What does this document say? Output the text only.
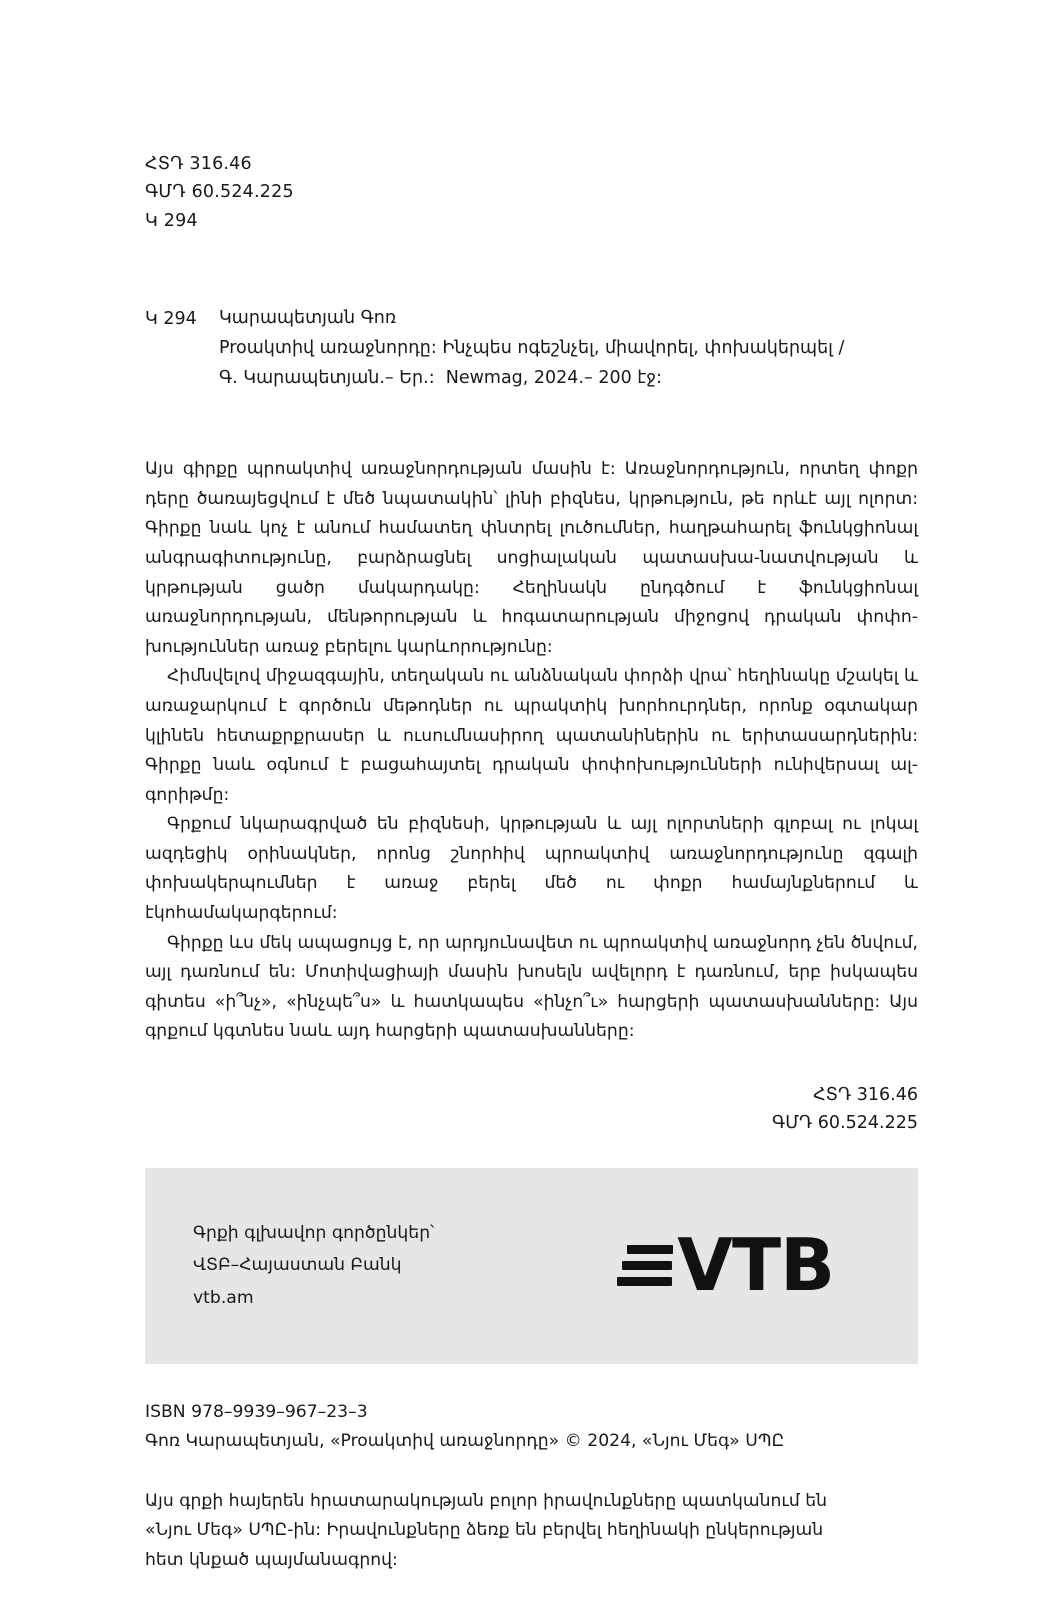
ՀՏԴ 316.46
ԳՄԴ 60.524.225
Կ 294
Կ 294	Կարապետյան Գոռ
Proակտիվ առաջնորդը: Ինչպես ոգեշնչել, միավորել, փոխակերպել /
Գ. Կարապետյան.– Եր.:  Newmag, 2024.– 200 էջ:

Այս գիրքը պրոակտիվ առաջնորդության մասին է: Առաջնորդություն, որտեղ փոքր դերը ծառայեցվում է մեծ նպատակին՝ լինի բիզնես, կրթություն, թե որևէ այլ ոլորտ: Գիրքը նաև կոչ է անում համատեղ փնտրել լուծումներ, հաղթահարել ֆունկցիոնալ անգրագիտությունը, բարձրացնել սոցիալական պատասխա-նատվության և կրթության ցածր մակարդակը: Հեղինակն ընդգծում է ֆունկցիոնալ առաջնորդության, մենթորության և հոգատարության միջոցով դրական փոփո-խություններ առաջ բերելու կարևորությունը:

Հիմնվելով միջազգային, տեղական ու անձնական փորձի վրա՝ հեղինակը մշակել և առաջարկում է գործուն մեթոդներ ու պրակտիկ խորհուրդներ, որոնք օգտակար կլինեն հետաքրքրասեր և ուսումնասիրող պատանիներին ու երիտասարդներին: Գիրքը նաև օգնում է բացահայտել դրական փոփոխությունների ունիվերսալ ալ-գորիթմը:

Գրքում նկարագրված են բիզնեսի, կրթության և այլ ոլորտների գլոբալ ու լոկալ ազդեցիկ օրինակներ, որոնց շնորհիվ պրոակտիվ առաջնորդությունը զգալի փոխակերպումներ է առաջ բերել մեծ ու փոքր համայնքներում և էկոհամակարգերում:

Գիրքը ևս մեկ ապացույց է, որ արդյունավետ ու պրոակտիվ առաջնորդ չեն ծնվում, այլ դառնում են: Մոտիվացիայի մասին խոսելն ավելորդ է դառնում, երբ իսկապես գիտես «ի՞նչ», «ինչպե՞ս» և հատկապես «ինչո՞ւ» հարցերի պատասխանները: Այս գրքում կգտնես նաև այդ հարցերի պատասխանները:

ՀՏԴ 316.46
ԳՄԴ 60.524.225
Գրքի գլխավոր գործընկեր՝
ՎՏԲ–Հայաստան Բանկ
vtb.am	VTB
ISBN 978–9939–967–23–3
Գոռ Կարապետյան, «Proակտիվ առաջնորդը» © 2024, «Նյու Մեգ» ՍՊԸ

Այս գրքի հայերեն հրատարակության բոլոր իրավունքները պատկանում են

«Նյու Մեգ» ՍՊԸ-ին: Իրավունքները ձեռք են բերվել հեղինակի ընկերության

հետ կնքած պայմանագրով:
